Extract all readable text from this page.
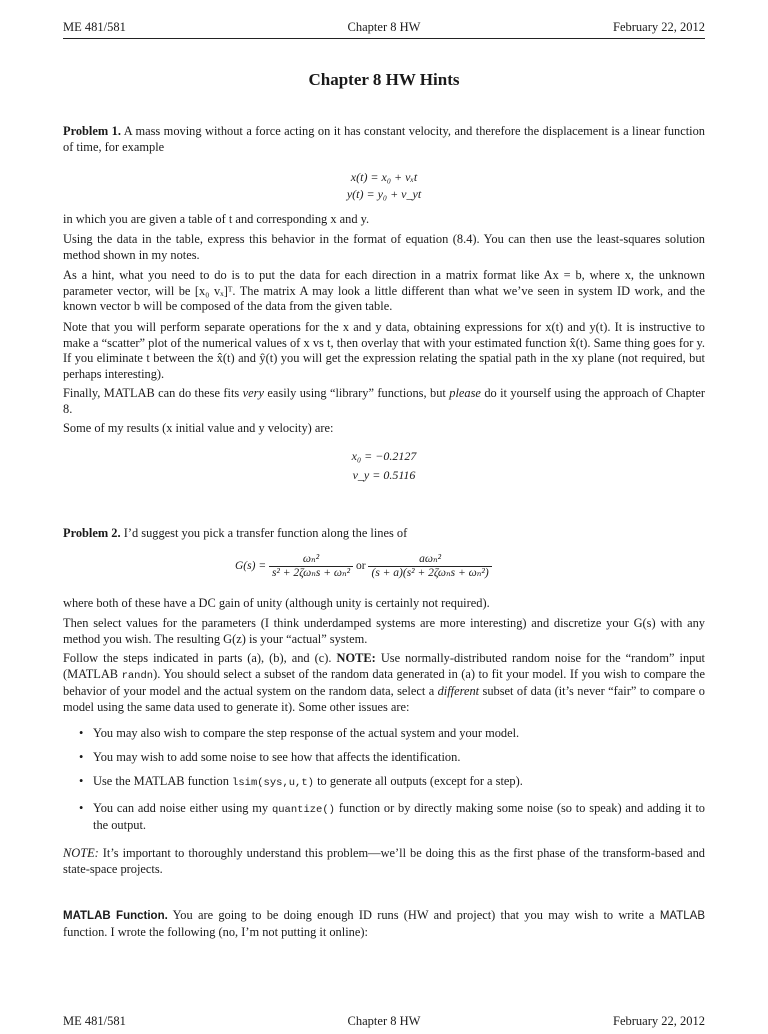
ME 481/581	Chapter 8 HW	February 22, 2012
Chapter 8 HW Hints

Problem 1. A mass moving without a force acting on it has constant velocity, and therefore the displacement is a linear function of time, for example

x(t) = x₀ + vₓt
y(t) = y₀ + v_yt

in which you are given a table of t and corresponding x and y.

Using the data in the table, express this behavior in the format of equation (8.4). You can then use the least-squares solution method shown in my notes.

As a hint, what you need to do is to put the data for each direction in a matrix format like Ax = b, where x, the unknown parameter vector, will be [x₀ vₓ]ᵀ. The matrix A may look a little different than what we’ve seen in system ID work, and the known vector b will be composed of the data from the given table.

Note that you will perform separate operations for the x and y data, obtaining expressions for x(t) and y(t). It is instructive to make a “scatter” plot of the numerical values of x vs t, then overlay that with your estimated function x̂(t). Same thing goes for y. If you eliminate t between the x̂(t) and ŷ(t) you will get the expression relating the spatial path in the xy plane (not required, but perhaps interesting).

Finally, MATLAB can do these fits very easily using “library” functions, but please do it yourself using the approach of Chapter 8.

Some of my results (x initial value and y velocity) are:

x₀ = −0.2127
v_y = 0.5116

Problem 2. I’d suggest you pick a transfer function along the lines of

$G(s) = \frac{\text{ωₙ²}}{\text{s² + 2ζωₙs + ωₙ²}}$ or $\frac{\text{aωₙ²}}{\text{(s + a)(s² + 2ζωₙs + ωₙ²)}}$

where both of these have a DC gain of unity (although unity is certainly not required).

Then select values for the parameters (I think underdamped systems are more interesting) and discretize your G(s) with any method you wish. The resulting G(z) is your “actual” system.

Follow the steps indicated in parts (a), (b), and (c). NOTE: Use normally-distributed random noise for the “random” input (MATLAB randn). You should select a subset of the random data generated in (a) to fit your model. If you wish to compare the behavior of your model and the actual system on the random data, select a different subset of data (it’s never “fair” to compare o model using the same data used to generate it). Some other issues are:

• You may also wish to compare the step response of the actual system and your model.
• You may wish to add some noise to see how that affects the identification.
• Use the MATLAB function lsim(sys,u,t) to generate all outputs (except for a step).
• You can add noise either using my quantize() function or by directly making some noise (so to speak) and adding it to the output.

NOTE: It’s important to thoroughly understand this problem—we’ll be doing this as the first phase of the transform-based and state-space projects.

MATLAB Function. You are going to be doing enough ID runs (HW and project) that you may wish to write a MATLAB function. I wrote the following (no, I’m not putting it online):

ME 481/581	Chapter 8 HW	February 22, 2012
